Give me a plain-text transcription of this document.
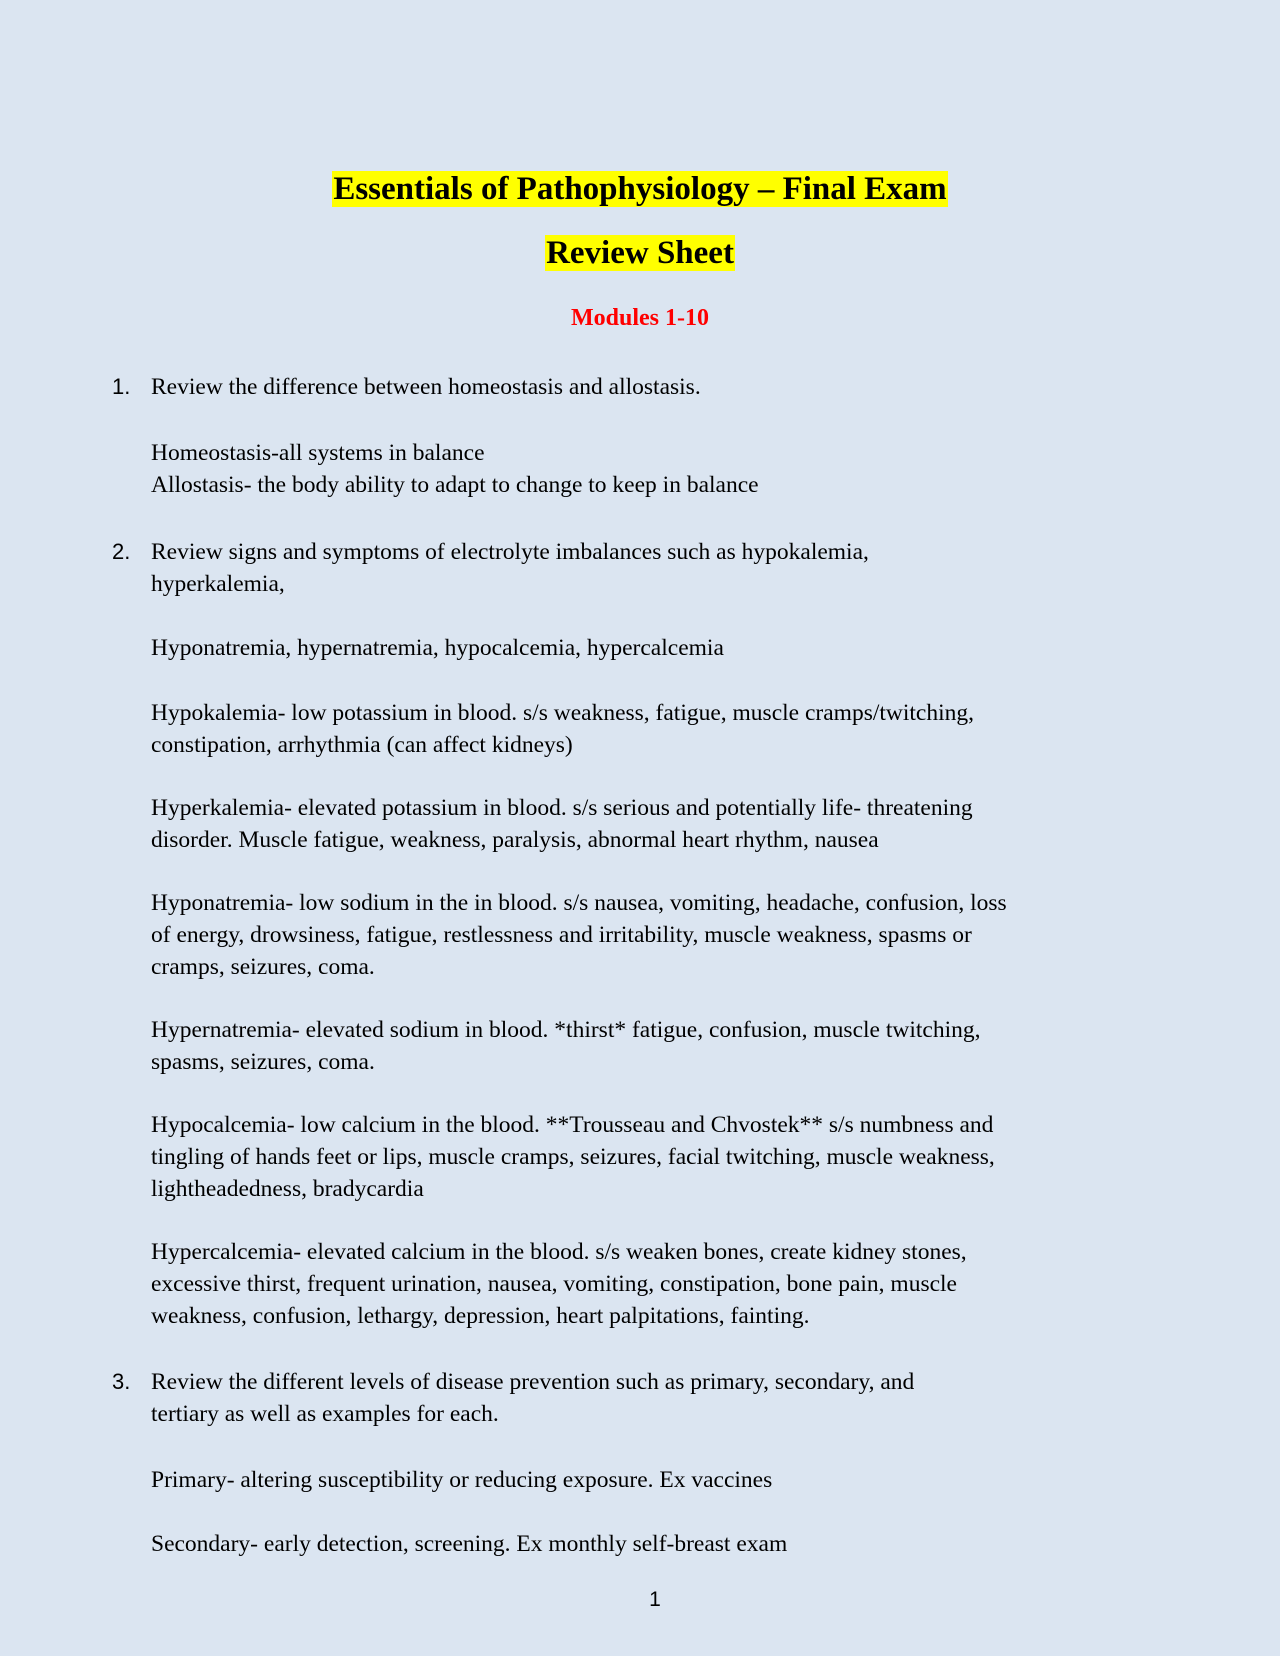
Essentials of Pathophysiology – Final Exam
Review Sheet
Modules 1-10
1. Review the difference between homeostasis and allostasis.
Homeostasis-all systems in balance
Allostasis- the body ability to adapt to change to keep in balance
2. Review signs and symptoms of electrolyte imbalances such as hypokalemia,
hyperkalemia,
Hyponatremia, hypernatremia, hypocalcemia, hypercalcemia
Hypokalemia- low potassium in blood. s/s weakness, fatigue, muscle cramps/twitching,
constipation, arrhythmia (can affect kidneys)
Hyperkalemia- elevated potassium in blood. s/s serious and potentially life- threatening
disorder. Muscle fatigue, weakness, paralysis, abnormal heart rhythm, nausea
Hyponatremia- low sodium in the in blood. s/s nausea, vomiting, headache, confusion, loss
of energy, drowsiness, fatigue, restlessness and irritability, muscle weakness, spasms or
cramps, seizures, coma.
Hypernatremia- elevated sodium in blood. *thirst* fatigue, confusion, muscle twitching,
spasms, seizures, coma.
Hypocalcemia- low calcium in the blood. **Trousseau and Chvostek** s/s numbness and
tingling of hands feet or lips, muscle cramps, seizures, facial twitching, muscle weakness,
lightheadedness, bradycardia
Hypercalcemia- elevated calcium in the blood. s/s weaken bones, create kidney stones,
excessive thirst, frequent urination, nausea, vomiting, constipation, bone pain, muscle
weakness, confusion, lethargy, depression, heart palpitations, fainting.
3. Review the different levels of disease prevention such as primary, secondary, and
tertiary as well as examples for each.
Primary- altering susceptibility or reducing exposure. Ex vaccines
Secondary- early detection, screening. Ex monthly self-breast exam
1
